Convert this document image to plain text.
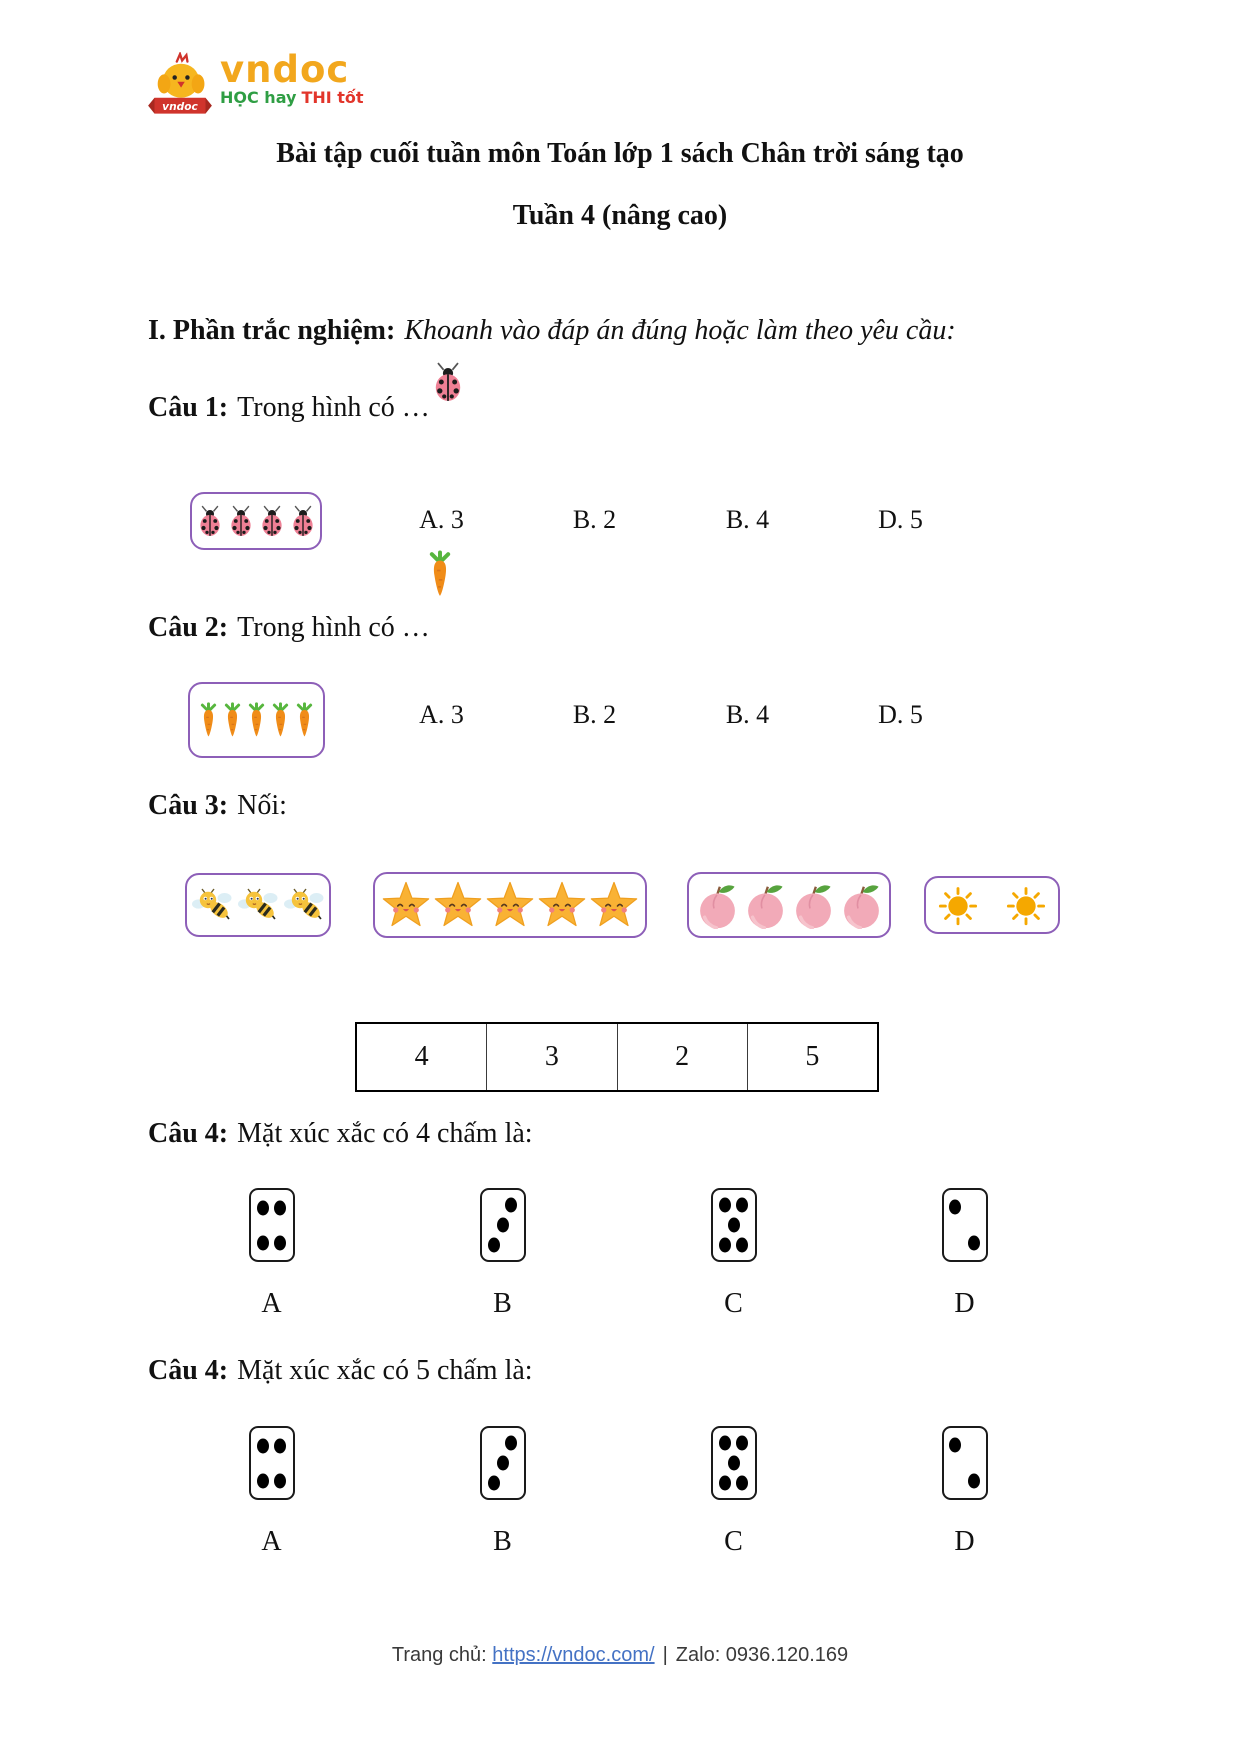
vndoc
vndoc
HỌC hay THI tốt
Bài tập cuối tuần môn Toán lớp 1 sách Chân trời sáng tạo
Tuần 4 (nâng cao)
I. Phần trắc nghiệm: Khoanh vào đáp án đúng hoặc làm theo yêu cầu:
Câu 1: Trong hình có …
A. 3	B. 2	B. 4	D. 5
Câu 2: Trong hình có …
A. 3	B. 2	B. 4	D. 5
Câu 3: Nối:
4	3	2	5
Câu 4: Mặt xúc xắc có 4 chấm là:
A	B	C	D
Câu 4: Mặt xúc xắc có 5 chấm là:
A	B	C	D
Trang chủ: https://vndoc.com/ | Zalo: 0936.120.169
